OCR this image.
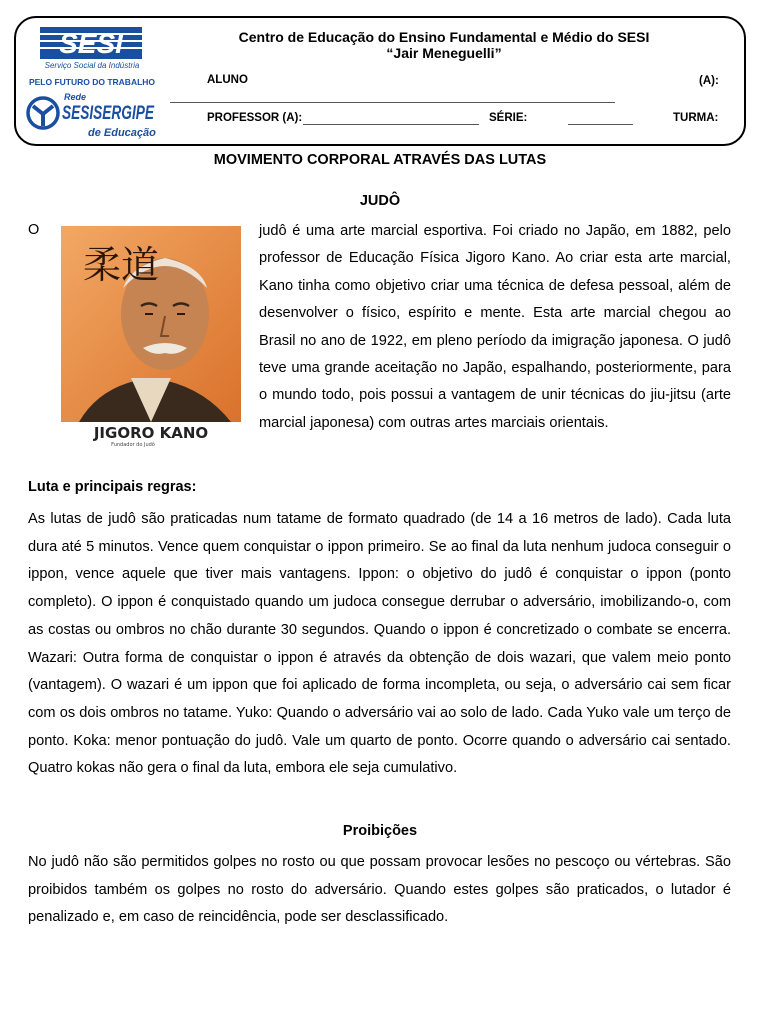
SESI
Serviço Social da Indústria
PELO FUTURO DO TRABALHO
Rede
SESISERGIPE
de Educação
Centro de Educação do Ensino Fundamental e Médio do SESI
“Jair Meneguelli”
ALUNO	(A):
PROFESSOR (A):	SÉRIE:	TURMA:
MOVIMENTO CORPORAL ATRAVÉS DAS LUTAS
JUDÔ
O
柔道
JIGORO KANO
Fundador do Judô

judô é uma arte marcial esportiva. Foi criado no Japão, em 1882, pelo professor de Educação Física Jigoro Kano. Ao criar esta arte marcial, Kano tinha como objetivo criar uma técnica de defesa pessoal, além de desenvolver o físico, espírito e mente. Esta arte marcial chegou ao Brasil no ano de 1922, em pleno período da imigração japonesa. O judô teve uma grande aceitação no Japão, espalhando, posteriormente, para o mundo todo, pois possui a vantagem de unir técnicas do jiu-jitsu (arte marcial japonesa) com outras artes marciais orientais.

Luta e principais regras:

As lutas de judô são praticadas num tatame de formato quadrado (de 14 a 16 metros de lado). Cada luta dura até 5 minutos. Vence quem conquistar o ippon primeiro. Se ao final da luta nenhum judoca conseguir o ippon, vence aquele que tiver mais vantagens. Ippon: o objetivo do judô é conquistar o ippon (ponto completo). O ippon é conquistado quando um judoca consegue derrubar o adversário, imobilizando-o, com as costas ou ombros no chão durante 30 segundos. Quando o ippon é concretizado o combate se encerra. Wazari: Outra forma de conquistar o ippon é através da obtenção de dois wazari, que valem meio ponto (vantagem). O wazari é um ippon que foi aplicado de forma incompleta, ou seja, o adversário cai sem ficar com os dois ombros no tatame. Yuko: Quando o adversário vai ao solo de lado. Cada Yuko vale um terço de ponto. Koka: menor pontuação do judô. Vale um quarto de ponto. Ocorre quando o adversário cai sentado. Quatro kokas não gera o final da luta, embora ele seja cumulativo.

Proibições

No judô não são permitidos golpes no rosto ou que possam provocar lesões no pescoço ou vértebras. São proibidos também os golpes no rosto do adversário. Quando estes golpes são praticados, o lutador é penalizado e, em caso de reincidência, pode ser desclassificado.
